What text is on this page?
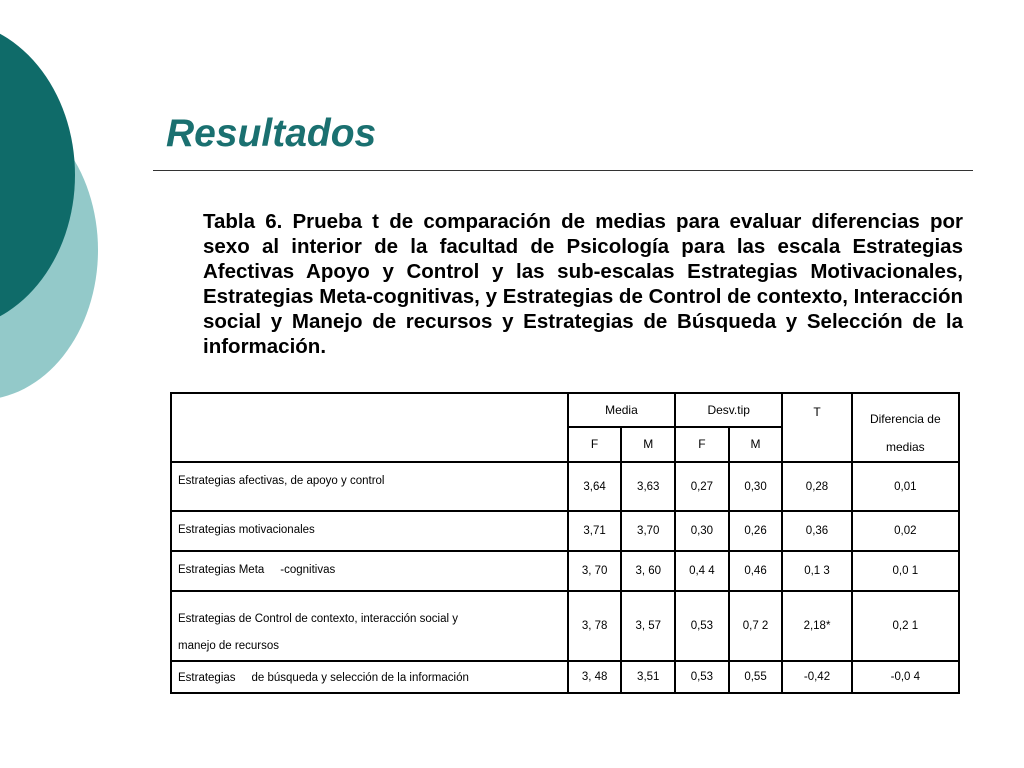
Resultados

Tabla 6. Prueba t de comparación de medias para evaluar diferencias por sexo al interior de la facultad de Psicología para las escala Estrategias Afectivas Apoyo y Control y las sub-escalas Estrategias Motivacionales, Estrategias Meta-cognitivas, y Estrategias de Control de contexto, Interacción social y Manejo de recursos y Estrategias de Búsqueda y Selección de la información.

	Media		Desv.tip		T	Diferencia de
medias
	F	M	F	M		
Estrategias afectivas, de apoyo y control	3,64	3,63	0,27	0,30	0,28	0,01
Estrategias motivacionales	3,71	3,70	0,30	0,26	0,36	0,02
Estrategias Meta     -cognitivas	3, 70	3, 60	0,4 4	0,46	0,1 3	0,0 1
Estrategias de Control de contexto, interacción social y
manejo de recursos	3, 78	3, 57	0,53	0,7 2	2,18*	0,2 1
Estrategias     de búsqueda y selección de la información	3, 48	3,51	0,53	0,55	-0,42	-0,0 4
